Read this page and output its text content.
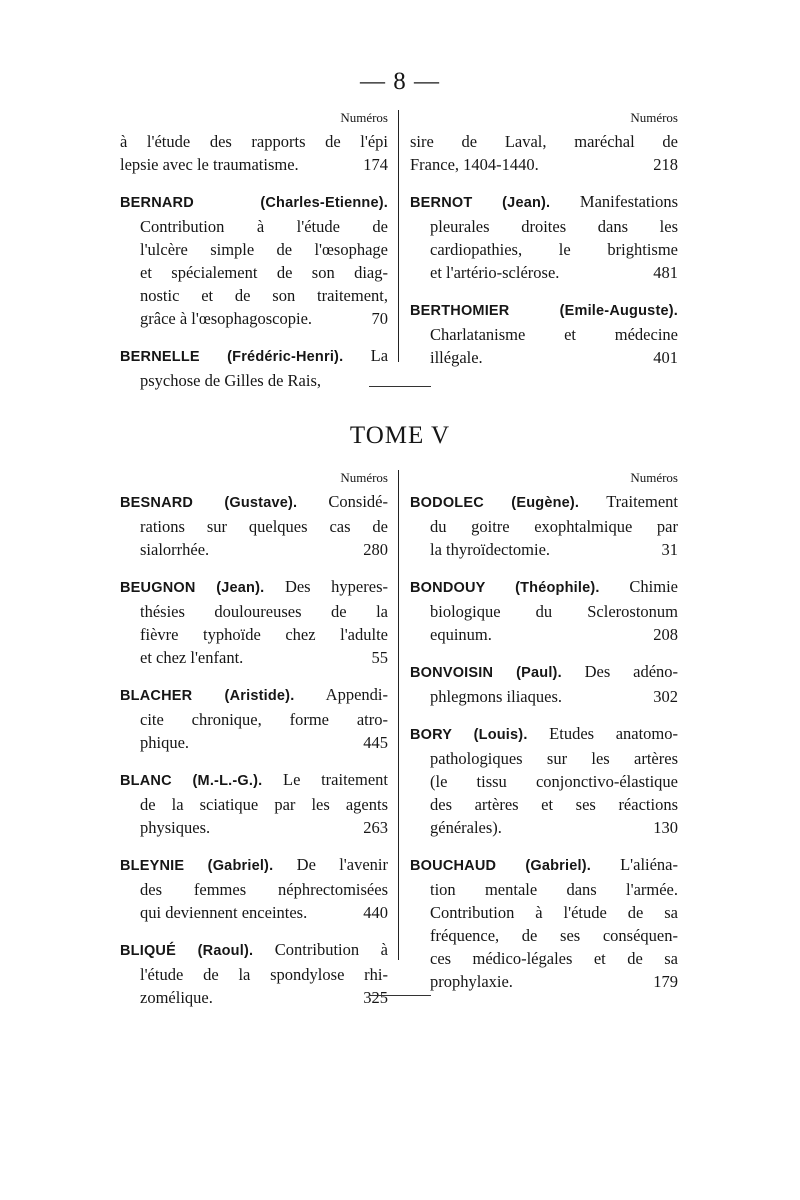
— 8 —
Numéros
à l'étude des rapports de l'épi
lepsie avec le traumatisme.	174
BERNARD (Charles-Etienne).
Contribution à l'étude de
l'ulcère simple de l'œsophage
et spécialement de son diag-
nostic et de son traitement,
grâce à l'œsophagoscopie.	70
BERNELLE (Frédéric-Henri). La
psychose de Gilles de Rais,
Numéros
sire de Laval, maréchal de
France, 1404-1440.	218
BERNOT (Jean). Manifestations
pleurales droites dans les
cardiopathies, le brightisme
et l'artério-sclérose.	481
BERTHOMIER (Emile-Auguste).
Charlatanisme et médecine
illégale.	401
TOME V
Numéros
BESNARD (Gustave). Considé-
rations sur quelques cas de
sialorrhée.	280
BEUGNON (Jean). Des hyperes-
thésies douloureuses de la
fièvre typhoïde chez l'adulte
et chez l'enfant.	55
BLACHER (Aristide). Appendi-
cite chronique, forme atro-
phique.	445
BLANC (M.-L.-G.). Le traitement
de la sciatique par les agents
physiques.	263
BLEYNIE (Gabriel). De l'avenir
des femmes néphrectomisées
qui deviennent enceintes.	440
BLIQUÉ (Raoul). Contribution à
l'étude de la spondylose rhi-
zomélique.	325
Numéros
BODOLEC (Eugène). Traitement
du goitre exophtalmique par
la thyroïdectomie.	31
BONDOUY (Théophile). Chimie
biologique du Sclerostonum
equinum.	208
BONVOISIN (Paul). Des adéno-
phlegmons iliaques.	302
BORY (Louis). Etudes anatomo-
pathologiques sur les artères
(le tissu conjonctivo-élastique
des artères et ses réactions
générales).	130
BOUCHAUD (Gabriel). L'aliéna-
tion mentale dans l'armée.
Contribution à l'étude de sa
fréquence, de ses conséquen-
ces médico-légales et de sa
prophylaxie.	179
